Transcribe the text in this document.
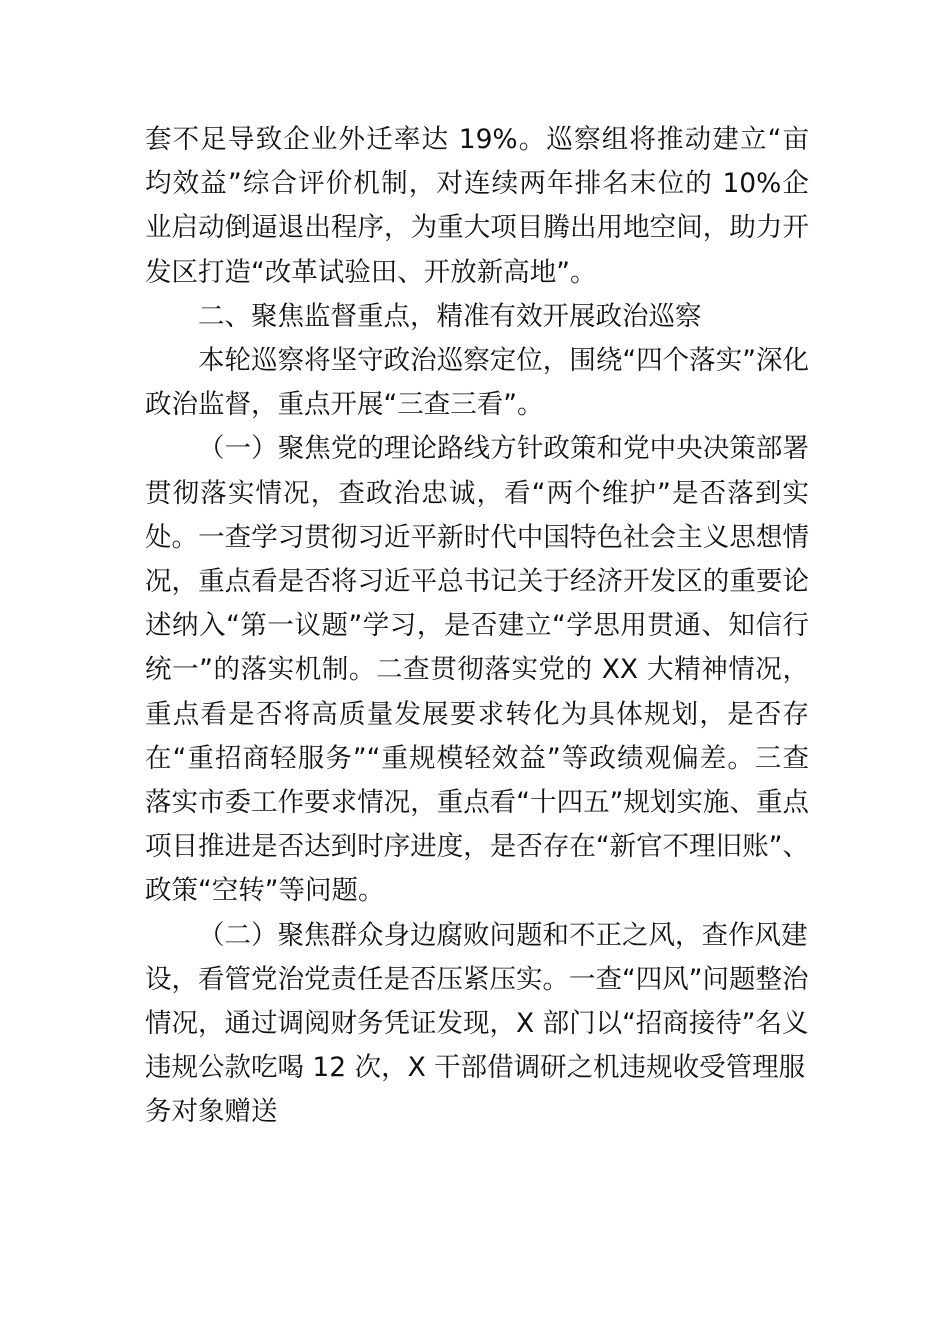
套不足导致企业外迁率达 19%。巡察组将推动建立“亩均效益”综合评价机制，对连续两年排名末位的 10%企业启动倒逼退出程序，为重大项目腾出用地空间，助力开发区打造“改革试验田、开放新高地”。

二、聚焦监督重点，精准有效开展政治巡察

本轮巡察将坚守政治巡察定位，围绕“四个落实”深化政治监督，重点开展“三查三看”。

（一）聚焦党的理论路线方针政策和党中央决策部署贯彻落实情况，查政治忠诚，看“两个维护”是否落到实处。一查学习贯彻习近平新时代中国特色社会主义思想情况，重点看是否将习近平总书记关于经济开发区的重要论述纳入“第一议题”学习，是否建立“学思用贯通、知信行统一”的落实机制。二查贯彻落实党的 XX 大精神情况，重点看是否将高质量发展要求转化为具体规划，是否存在“重招商轻服务”“重规模轻效益”等政绩观偏差。三查落实市委工作要求情况，重点看“十四五”规划实施、重点项目推进是否达到时序进度，是否存在“新官不理旧账”、政策“空转”等问题。

（二）聚焦群众身边腐败问题和不正之风，查作风建设，看管党治党责任是否压紧压实。一查“四风”问题整治情况，通过调阅财务凭证发现，X 部门以“招商接待”名义违规公款吃喝 12 次，X 干部借调研之机违规收受管理服务对象赠送
